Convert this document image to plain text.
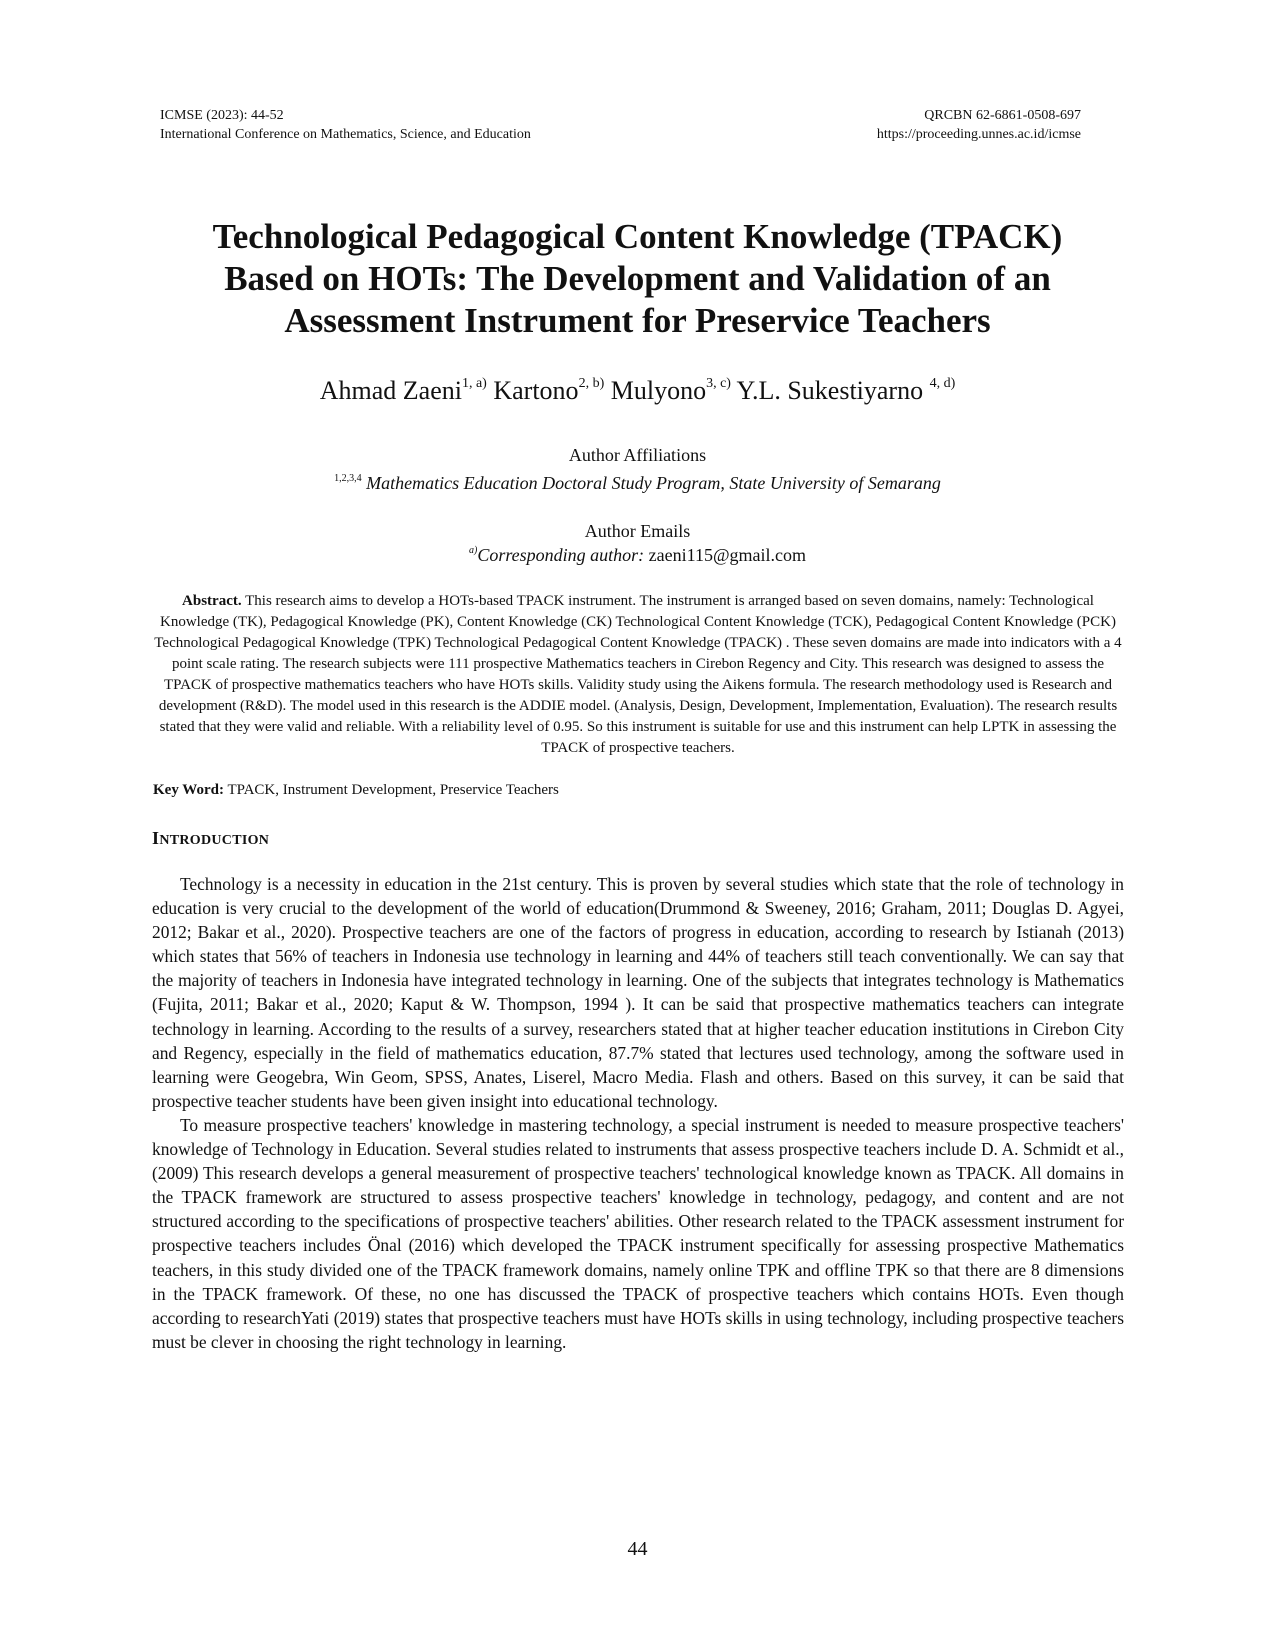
ICMSE (2023): 44-52
International Conference on Mathematics, Science, and Education
QRCBN 62-6861-0508-697
https://proceeding.unnes.ac.id/icmse
Technological Pedagogical Content Knowledge (TPACK)
Based on HOTs: The Development and Validation of an
Assessment Instrument for Preservice Teachers
Ahmad Zaeni$^{1, a)}$ Kartono$^{2, b)}$ Mulyono$^{3, c)}$ Y.L. Sukestiyarno $^{4, d)}$
Author Affiliations
$^{1,2,3,4}$ Mathematics Education Doctoral Study Program, State University of Semarang
Author Emails
$^{a)}$Corresponding author: zaeni115@gmail.com
Abstract. This research aims to develop a HOTs-based TPACK instrument. The instrument is arranged based on seven domains, namely: Technological Knowledge (TK), Pedagogical Knowledge (PK), Content Knowledge (CK) Technological Content Knowledge (TCK), Pedagogical Content Knowledge (PCK) Technological Pedagogical Knowledge (TPK) Technological Pedagogical Content Knowledge (TPACK) . These seven domains are made into indicators with a 4 point scale rating. The research subjects were 111 prospective Mathematics teachers in Cirebon Regency and City. This research was designed to assess the TPACK of prospective mathematics teachers who have HOTs skills. Validity study using the Aikens formula. The research methodology used is Research and development (R&D). The model used in this research is the ADDIE model. (Analysis, Design, Development, Implementation, Evaluation). The research results stated that they were valid and reliable. With a reliability level of 0.95. So this instrument is suitable for use and this instrument can help LPTK in assessing the TPACK of prospective teachers.
Key Word: TPACK, Instrument Development, Preservice Teachers
INTRODUCTION

Technology is a necessity in education in the 21st century. This is proven by several studies which state that the role of technology in education is very crucial to the development of the world of education(Drummond & Sweeney, 2016; Graham, 2011; Douglas D. Agyei, 2012; Bakar et al., 2020). Prospective teachers are one of the factors of progress in education, according to research by Istianah (2013) which states that 56% of teachers in Indonesia use technology in learning and 44% of teachers still teach conventionally. We can say that the majority of teachers in Indonesia have integrated technology in learning. One of the subjects that integrates technology is Mathematics (Fujita, 2011; Bakar et al., 2020; Kaput & W. Thompson, 1994 ). It can be said that prospective mathematics teachers can integrate technology in learning. According to the results of a survey, researchers stated that at higher teacher education institutions in Cirebon City and Regency, especially in the field of mathematics education, 87.7% stated that lectures used technology, among the software used in learning were Geogebra, Win Geom, SPSS, Anates, Liserel, Macro Media. Flash and others. Based on this survey, it can be said that prospective teacher students have been given insight into educational technology.

To measure prospective teachers' knowledge in mastering technology, a special instrument is needed to measure prospective teachers' knowledge of Technology in Education. Several studies related to instruments that assess prospective teachers include D. A. Schmidt et al., (2009) This research develops a general measurement of prospective teachers' technological knowledge known as TPACK. All domains in the TPACK framework are structured to assess prospective teachers' knowledge in technology, pedagogy, and content and are not structured according to the specifications of prospective teachers' abilities. Other research related to the TPACK assessment instrument for prospective teachers includes Önal (2016) which developed the TPACK instrument specifically for assessing prospective Mathematics teachers, in this study divided one of the TPACK framework domains, namely online TPK and offline TPK so that there are 8 dimensions in the TPACK framework. Of these, no one has discussed the TPACK of prospective teachers which contains HOTs. Even though according to researchYati (2019) states that prospective teachers must have HOTs skills in using technology, including prospective teachers must be clever in choosing the right technology in learning.

44
